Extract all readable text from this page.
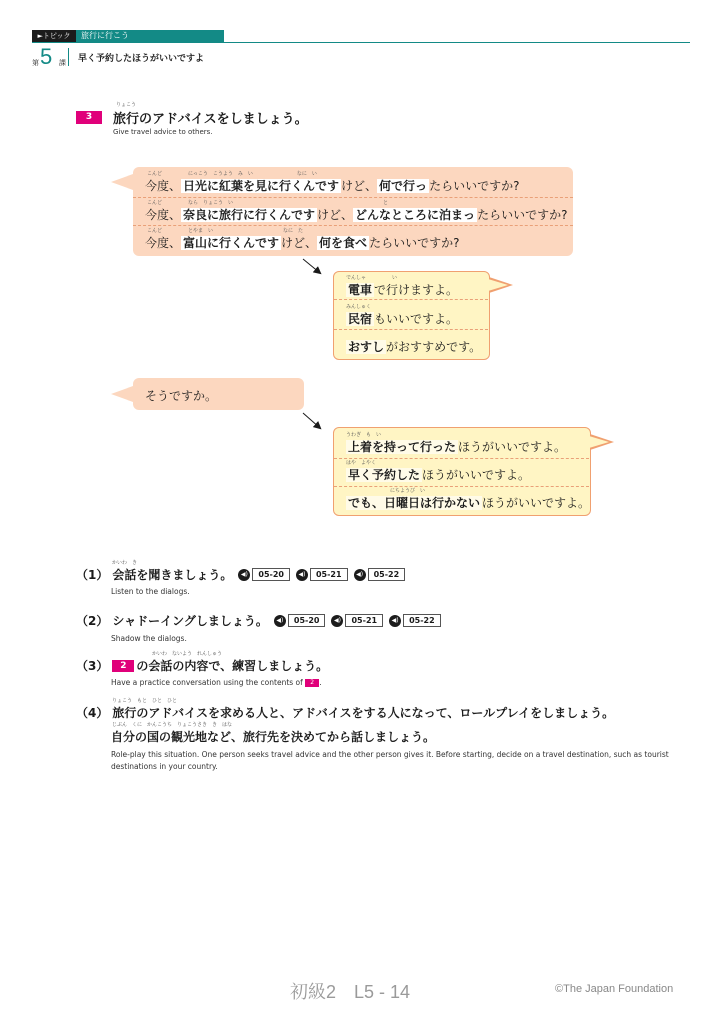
►トピック	旅行に行こう
第 5 課 早く予約したほうがいいですよ
3
りょこう
旅行のアドバイスをしましょう。
Give travel advice to others.
こんど	にっこう　こうよう　み　い	なに　い
今度、 日光に紅葉を見に行くんです けど、 何で行っ たらいいですか?
こんど	なら　りょこう　い	と
今度、 奈良に旅行に行くんです けど、 どんなところに泊まっ たらいいですか?
こんど	とやま　い	なに　た
今度、 富山に行くんです けど、 何を食べ たらいいですか?
でんしゃ	い
電車 で行けますよ。
みんしゅく
民宿 もいいですよ。
おすし がおすすめです。
そうですか。
うわぎ　も　い
上着を持って行った ほうがいいですよ。
はや　よやく
早く予約した ほうがいいですよ。
にちようび　い
でも、日曜日は行かない ほうがいいですよ。
かいわ　き
（1） 会話を聞きましょう。	◀)	05-20	◀)	05-21	◀)	05-22
Listen to the dialogs.
（2） シャドーイングしましょう。	◀)	05-20	◀)	05-21	◀)	05-22
Shadow the dialogs.
かいわ　ないよう　れんしゅう
（3）	2 の会話の内容で、練習しましょう。
Have a practice conversation using the contents of 2 .
りょこう　もと　ひと　ひと
（4） 旅行のアドバイスを求める人と、アドバイスをする人になって、ロールプレイをしましょう。
じぶん　くに　かんこうち　りょこうさき　き　はな
自分の国の観光地など、旅行先を決めてから話しましょう。
Role-play this situation. One person seeks travel advice and the other person gives it. Before starting, decide on a travel destination, such as tourist destinations in your country.
初級2　L5 - 14	©The Japan Foundation
